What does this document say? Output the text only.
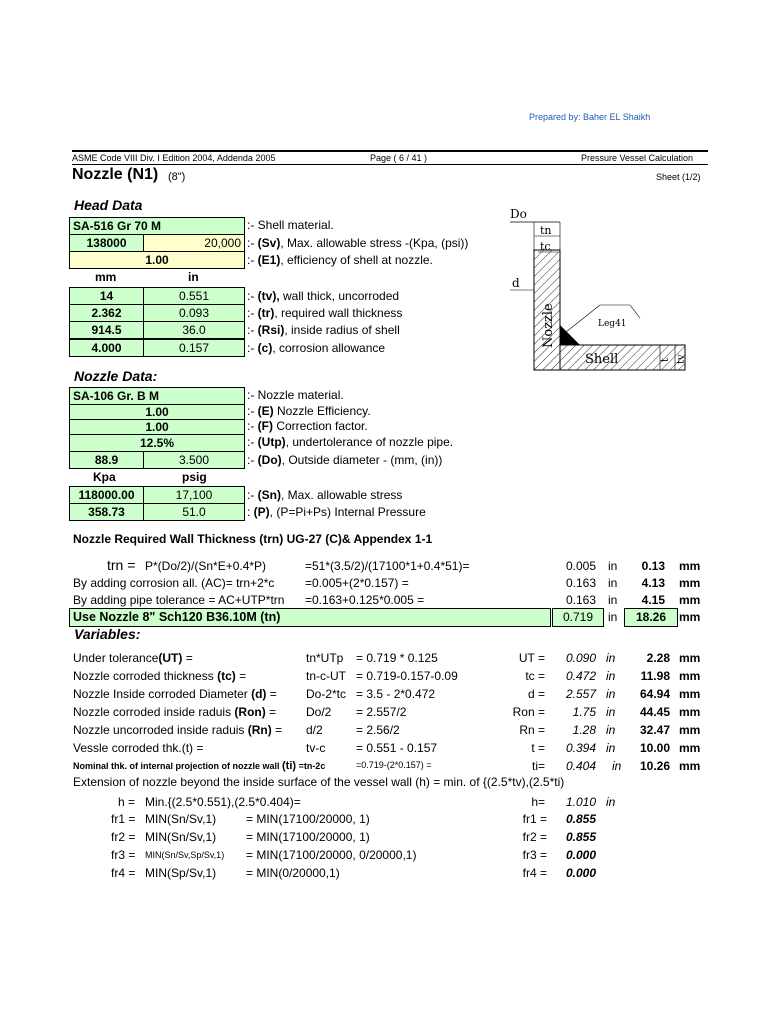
Prepared by: Baher EL Shaikh
ASME Code VIII Div. I Edition 2004, Addenda 2005	Page ( 6 / 41 )	Pressure Vessel Calculation
Nozzle (N1) (8")	Sheet (1/2)
Head Data
SA-516 Gr 70 M	:- Shell material.
138000	20,000 :- (Sv), Max. allowable stress -(Kpa, (psi))
1.00	:- (E1), efficiency of shell at nozzle.
mm	in
14	0.551	:- (tv), wall thick, uncorroded
2.362	0.093	:- (tr), required wall thickness
914.5	36.0	:- (Rsi), inside radius of shell
4.000	0.157	:- (c), corrosion allowance
Do
tn
tc
d
Nozzle
Shell
Leg41
t tv
Nozzle Data:
SA-106 Gr. B M	:- Nozzle material.
1.00	:- (E) Nozzle Efficiency.
1.00	:- (F) Correction factor.
12.5%	:- (Utp), undertolerance of nozzle pipe.
88.9	3.500	:- (Do), Outside diameter - (mm, (in))
Kpa	psig
118000.00	17,100	:- (Sn), Max. allowable stress
358.73	51.0	: (P), (P=Pi+Ps) Internal Pressure
Nozzle Required Wall Thickness (trn) UG-27 (C)& Appendex 1-1
trn = P*(Do/2)/(Sn*E+0.4*P)	=51*(3.5/2)/(17100*1+0.4*51)=	0.005 in	0.13 mm
By adding corrosion all. (AC)= trn+2*c	=0.005+(2*0.157) =	0.163 in	4.13 mm
By adding pipe tolerance = AC+UTP*trn =0.163+0.125*0.005 =	0.163 in	4.15 mm
Use Nozzle 8" Sch120 B36.10M (tn)	0.719	in	18.26	mm
Variables:
Under tolerance(UT) =	tn*UTp = 0.719 * 0.125	UT =	0.090 in	2.28 mm
Nozzle corroded thickness (tc) =	tn-c-UT = 0.719-0.157-0.09	tc =	0.472 in	11.98 mm
Nozzle Inside corroded Diameter (d) = Do-2*tc = 3.5 - 2*0.472	d =	2.557 in	64.94 mm
Nozzle corroded inside raduis (Ron) = Do/2 = 2.557/2	Ron =	1.75 in	44.45 mm
Nozzle uncorroded inside raduis (Rn) = d/2	= 2.56/2	Rn =	1.28 in	32.47 mm
Vessle corroded thk.(t) =	tv-c	= 0.551 - 0.157	t =	0.394 in	10.00 mm
Nominal thk. of internal projection of nozzle wall (ti) =tn-2c	=0.719-(2*0.157) =	ti=	0.404 in	10.26 mm
Extension of nozzle beyond the inside surface of the vessel wall (h) = min. of {(2.5*tv),(2.5*ti)
h = Min.{(2.5*0.551),(2.5*0.404)=	h=	1.010 in
fr1 = MIN(Sn/Sv,1) = MIN(17100/20000, 1)	fr1 =	0.855
fr2 = MIN(Sn/Sv,1) = MIN(17100/20000, 1)	fr2 =	0.855
fr3 = MIN(Sn/Sv,Sp/Sv,1) = MIN(17100/20000, 0/20000,1)	fr3 =	0.000
fr4 = MIN(Sp/Sv,1) = MIN(0/20000,1)	fr4 =	0.000
